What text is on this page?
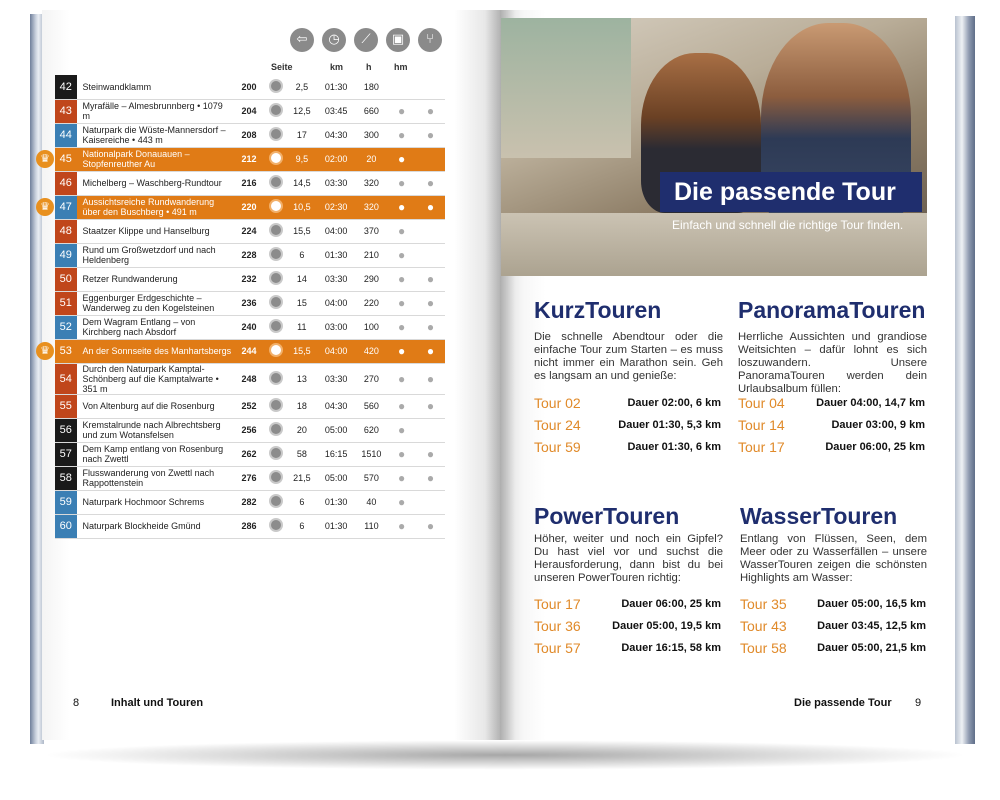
⇦	◷	⟋	▣	⑂
Seite	km	h	hm
42	Steinwandklamm	200		2,5	01:30	180		
43	Myrafälle – Almesbrunnberg • 1079 m	204		12,5	03:45	660	●	●
44	Naturpark die Wüste-Mannersdorf – Kaisereiche • 443 m	208		17	04:30	300	●	●
45	Nationalpark Donauauen – Stopfenreuther Au	212		9,5	02:00	20	●	
46	Michelberg – Waschberg-Rundtour	216		14,5	03:30	320	●	●
47	Aussichtsreiche Rundwanderung über den Buschberg • 491 m	220		10,5	02:30	320	●	●
48	Staatzer Klippe und Hanselburg	224		15,5	04:00	370	●	
49	Rund um Großwetzdorf und nach Heldenberg	228		6	01:30	210	●	
50	Retzer Rundwanderung	232		14	03:30	290	●	●
51	Eggenburger Erdgeschichte – Wanderweg zu den Kogelsteinen	236		15	04:00	220	●	●
52	Dem Wagram Entlang – von Kirchberg nach Absdorf	240		11	03:00	100	●	●
53	An der Sonnseite des Manhartsbergs	244		15,5	04:00	420	●	●
54	Durch den Naturpark Kamptal-Schönberg auf die Kamptalwarte • 351 m	248		13	03:30	270	●	●
55	Von Altenburg auf die Rosenburg	252		18	04:30	560	●	●
56	Kremstalrunde nach Albrechtsberg und zum Wotansfelsen	256		20	05:00	620	●	
57	Dem Kamp entlang von Rosenburg nach Zwettl	262		58	16:15	1510	●	●
58	Flusswanderung von Zwettl nach Rappottenstein	276		21,5	05:00	570	●	●
59	Naturpark Hochmoor Schrems	282		6	01:30	40	●	
60	Naturpark Blockheide Gmünd	286		6	01:30	110	●	●
♛
♛
♛
8	Inhalt und Touren
Die passende Tour
Einfach und schnell die richtige Tour finden.
KurzTouren
Die schnelle Abendtour oder die einfache Tour zum Starten – es muss nicht immer ein Marathon sein. Geh es langsam an und genieße:
Tour 02	Dauer 02:00, 6 km
Tour 24	Dauer 01:30, 5,3 km
Tour 59	Dauer 01:30, 6 km
PanoramaTouren
Herrliche Aussichten und grandiose Weitsichten – dafür lohnt es sich loszuwandern. Unsere PanoramaTouren werden dein Urlaubsalbum füllen:
Tour 04	Dauer 04:00, 14,7 km
Tour 14	Dauer 03:00, 9 km
Tour 17	Dauer 06:00, 25 km
PowerTouren
Höher, weiter und noch ein Gipfel? Du hast viel vor und suchst die Herausforderung, dann bist du bei unseren PowerTouren richtig:
Tour 17	Dauer 06:00, 25 km
Tour 36	Dauer 05:00, 19,5 km
Tour 57	Dauer 16:15, 58 km
WasserTouren
Entlang von Flüssen, Seen, dem Meer oder zu Wasserfällen – unsere WasserTouren zeigen die schönsten Highlights am Wasser:
Tour 35	Dauer 05:00, 16,5 km
Tour 43	Dauer 03:45, 12,5 km
Tour 58	Dauer 05:00, 21,5 km
Die passende Tour 9
